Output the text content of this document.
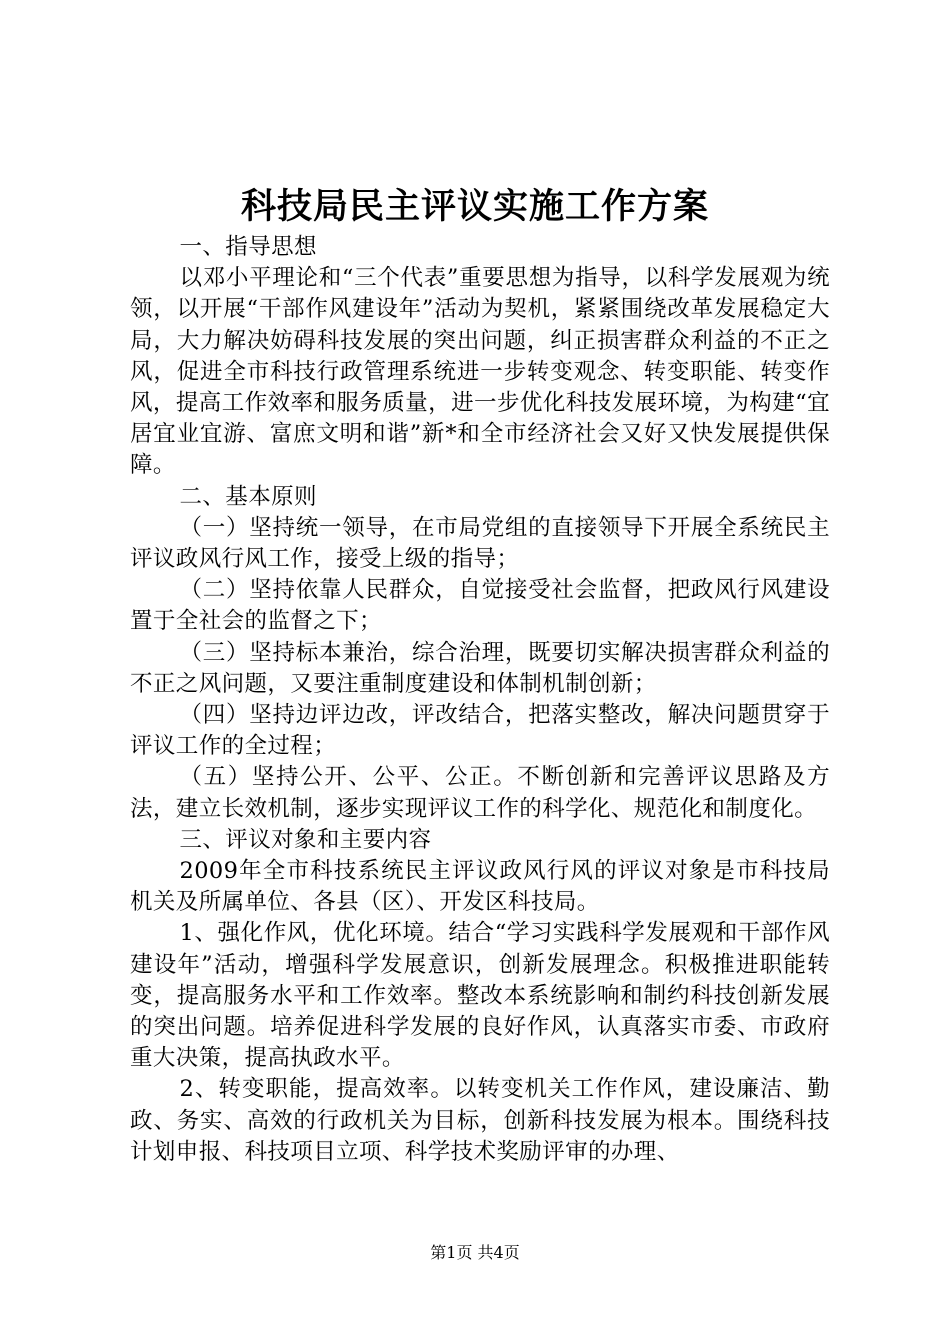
科技局民主评议实施工作方案

一、指导思想

以邓小平理论和“三个代表”重要思想为指导，以科学发展观为统领，以开展“干部作风建设年”活动为契机，紧紧围绕改革发展稳定大局，大力解决妨碍科技发展的突出问题，纠正损害群众利益的不正之风，促进全市科技行政管理系统进一步转变观念、转变职能、转变作风，提高工作效率和服务质量，进一步优化科技发展环境，为构建“宜居宜业宜游、富庶文明和谐”新*和全市经济社会又好又快发展提供保障。

二、基本原则

（一）坚持统一领导，在市局党组的直接领导下开展全系统民主评议政风行风工作，接受上级的指导；

（二）坚持依靠人民群众，自觉接受社会监督，把政风行风建设置于全社会的监督之下；

（三）坚持标本兼治，综合治理，既要切实解决损害群众利益的不正之风问题，又要注重制度建设和体制机制创新；

（四）坚持边评边改，评改结合，把落实整改，解决问题贯穿于评议工作的全过程；

（五）坚持公开、公平、公正。不断创新和完善评议思路及方法，建立长效机制，逐步实现评议工作的科学化、规范化和制度化。

三、评议对象和主要内容

2009年全市科技系统民主评议政风行风的评议对象是市科技局机关及所属单位、各县（区）、开发区科技局。

1、强化作风，优化环境。结合“学习实践科学发展观和干部作风建设年”活动，增强科学发展意识，创新发展理念。积极推进职能转变，提高服务水平和工作效率。整改本系统影响和制约科技创新发展的突出问题。培养促进科学发展的良好作风，认真落实市委、市政府重大决策，提高执政水平。

2、转变职能，提高效率。以转变机关工作作风，建设廉洁、勤政、务实、高效的行政机关为目标，创新科技发展为根本。围绕科技计划申报、科技项目立项、科学技术奖励评审的办理、

第1页 共4页
